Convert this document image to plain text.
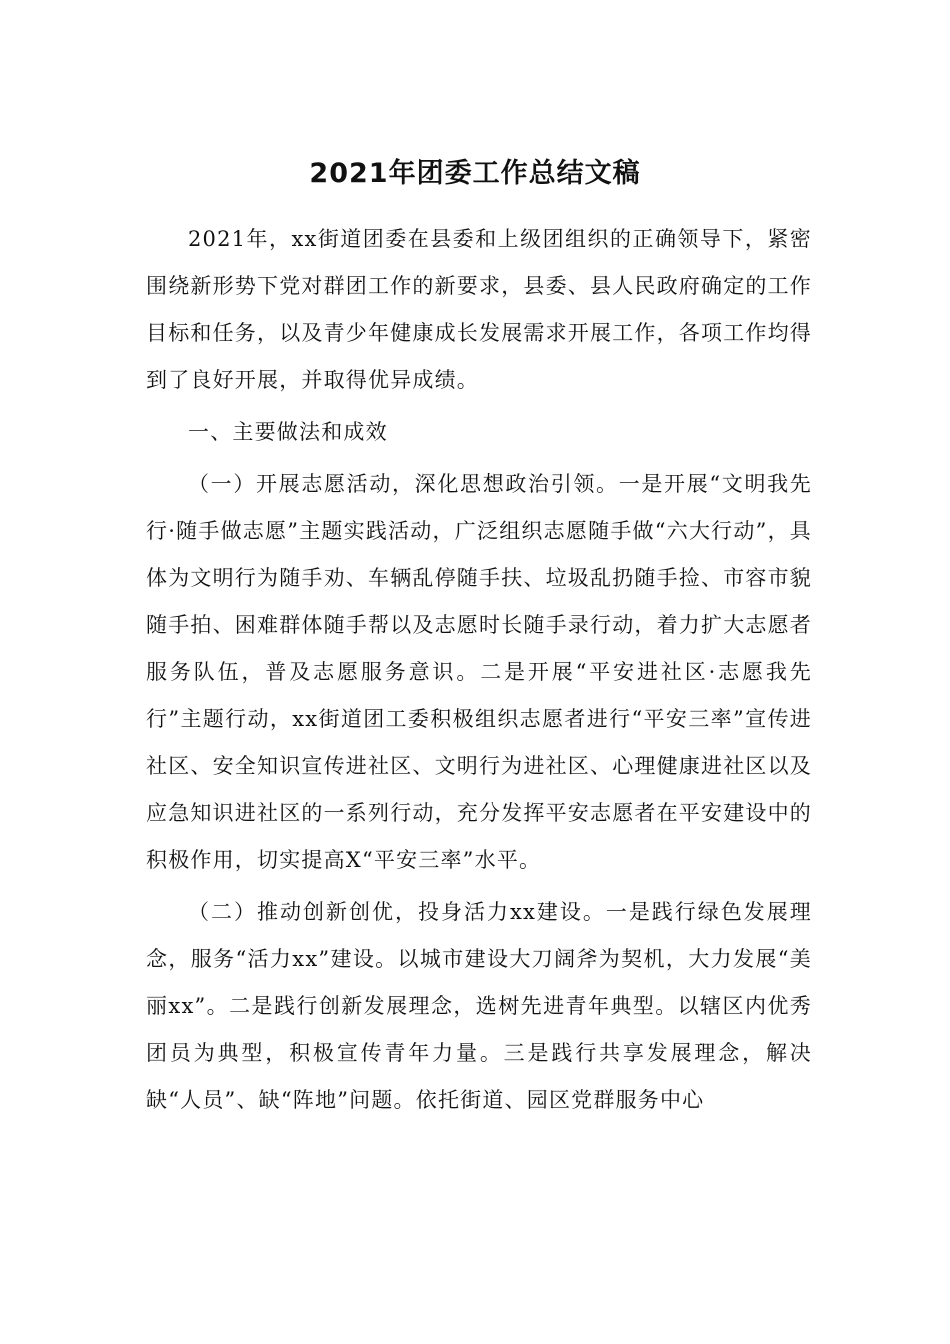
2021年团委工作总结文稿

2021年，xx街道团委在县委和上级团组织的正确领导下，紧密围绕新形势下党对群团工作的新要求，县委、县人民政府确定的工作目标和任务，以及青少年健康成长发展需求开展工作，各项工作均得到了良好开展，并取得优异成绩。

一、主要做法和成效

（一）开展志愿活动，深化思想政治引领。一是开展“文明我先行·随手做志愿”主题实践活动，广泛组织志愿随手做“六大行动”，具体为文明行为随手劝、车辆乱停随手扶、垃圾乱扔随手捡、市容市貌随手拍、困难群体随手帮以及志愿时长随手录行动，着力扩大志愿者服务队伍，普及志愿服务意识。二是开展“平安进社区·志愿我先行”主题行动，xx街道团工委积极组织志愿者进行“平安三率”宣传进社区、安全知识宣传进社区、文明行为进社区、心理健康进社区以及应急知识进社区的一系列行动，充分发挥平安志愿者在平安建设中的积极作用，切实提高X“平安三率”水平。

（二）推动创新创优，投身活力xx建设。一是践行绿色发展理念，服务“活力xx”建设。以城市建设大刀阔斧为契机，大力发展“美丽xx”。二是践行创新发展理念，选树先进青年典型。以辖区内优秀团员为典型，积极宣传青年力量。三是践行共享发展理念，解决缺“人员”、缺“阵地”问题。依托街道、园区党群服务中心
